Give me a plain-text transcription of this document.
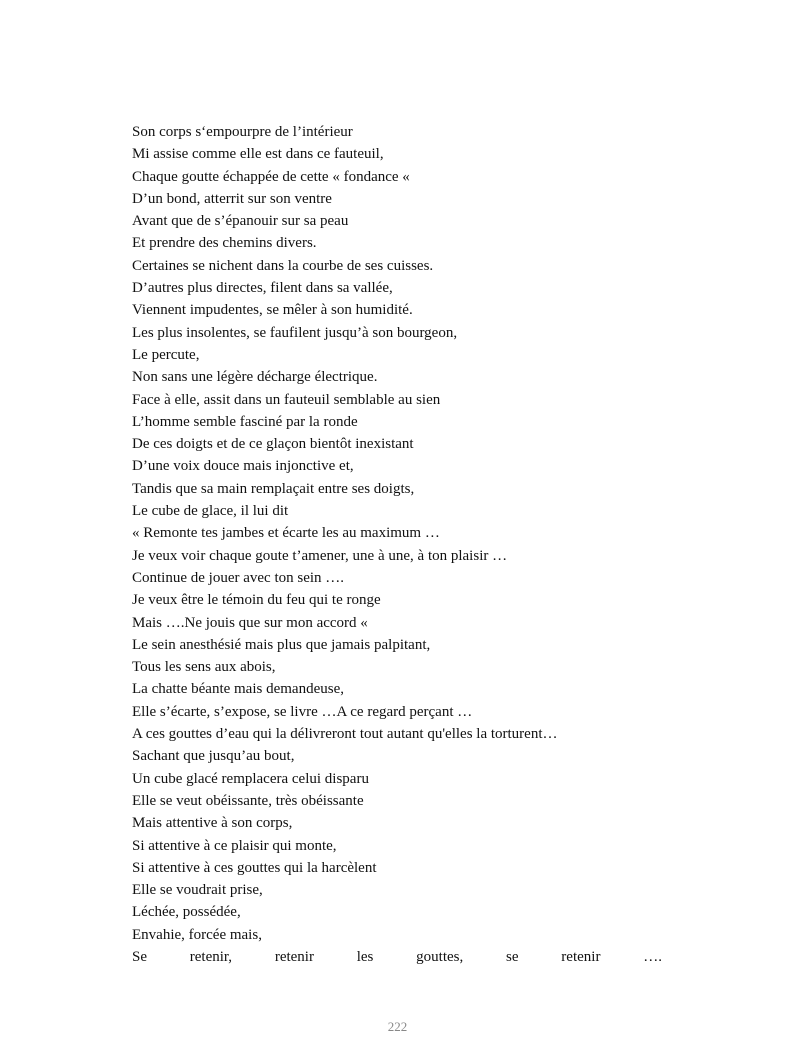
Son corps s‘empourpre de l’intérieur
Mi assise comme elle est dans ce fauteuil,
Chaque goutte échappée de cette « fondance «
D’un bond, atterrit sur son ventre
Avant que de s’épanouir sur sa peau
Et prendre des chemins divers.
Certaines se nichent dans la courbe de ses cuisses.
D’autres plus directes, filent dans sa vallée,
Viennent impudentes, se mêler à son humidité.
Les plus insolentes, se faufilent jusqu’à son bourgeon,
Le percute,
Non sans une légère décharge électrique.
Face à elle, assit dans un fauteuil semblable au sien
L’homme semble fasciné par la ronde
De ces doigts et de ce glaçon bientôt inexistant
D’une voix douce mais injonctive et,
Tandis que sa main remplaçait entre ses doigts,
Le cube de glace, il lui dit
« Remonte tes jambes et écarte les au maximum …
Je veux voir chaque goute t’amener, une à une, à ton plaisir …
Continue de jouer avec ton sein ….
Je veux être le témoin du feu qui te ronge
Mais ….Ne jouis que sur mon accord «
Le sein anesthésié mais plus que jamais palpitant,
Tous les sens aux abois,
La chatte béante mais demandeuse,
Elle s’écarte, s’expose, se livre …A ce regard perçant …
A ces gouttes d’eau qui la délivreront tout autant qu'elles la torturent…
Sachant que jusqu’au bout,
Un cube glacé remplacera celui disparu
Elle se veut obéissante, très obéissante
Mais attentive à son corps,
Si attentive à ce plaisir qui monte,
Si attentive à ces gouttes qui la harcèlent
Elle se voudrait prise,
Léchée, possédée,
Envahie, forcée mais,
Se	retenir,	retenir	les	gouttes,	se	retenir	….
222
